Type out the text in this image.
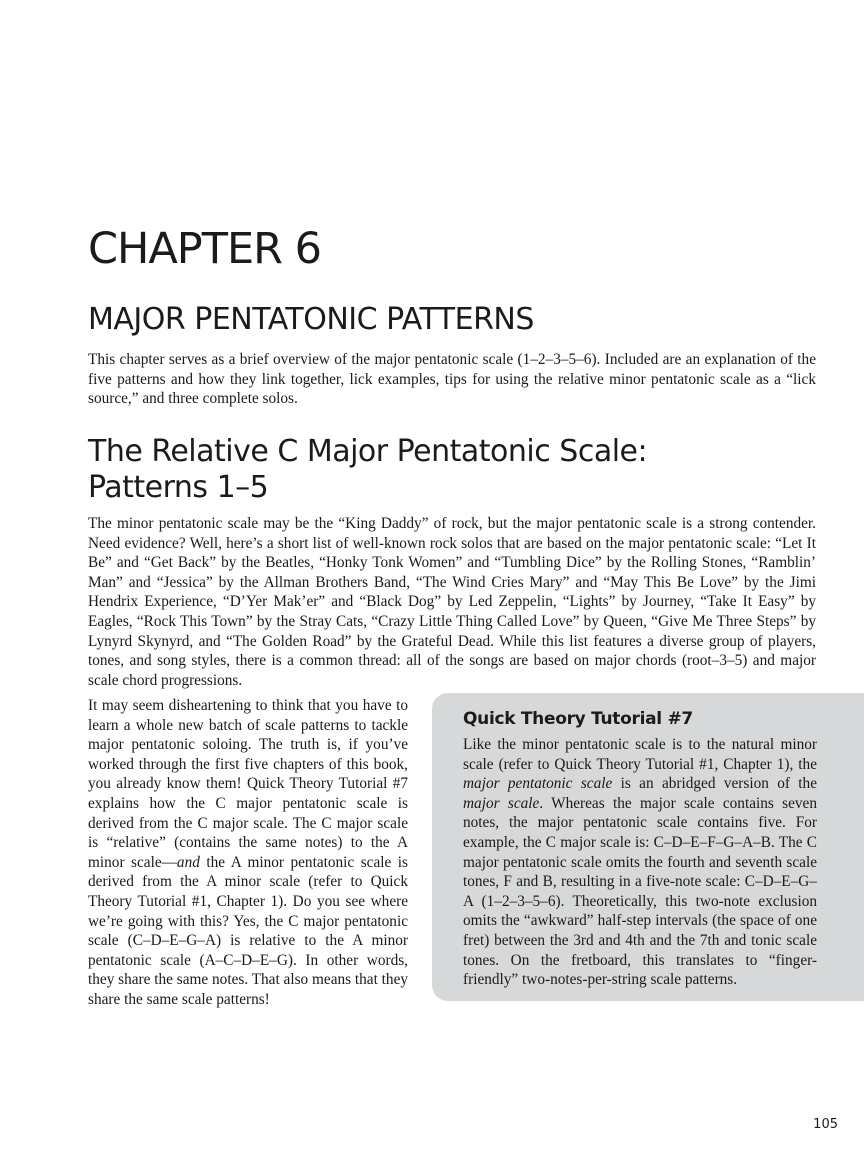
CHAPTER 6
MAJOR PENTATONIC PATTERNS

This chapter serves as a brief overview of the major pentatonic scale (1–2–3–5–6). Included are an explanation of the five patterns and how they link together, lick examples, tips for using the relative minor pentatonic scale as a “lick source,” and three complete solos.

The Relative C Major Pentatonic Scale:
Patterns 1–5

The minor pentatonic scale may be the “King Daddy” of rock, but the major pentatonic scale is a strong contender. Need evidence? Well, here’s a short list of well-known rock solos that are based on the major pentatonic scale: “Let It Be” and “Get Back” by the Beatles, “Honky Tonk Women” and “Tumbling Dice” by the Rolling Stones, “Ramblin’ Man” and “Jessica” by the Allman Brothers Band, “The Wind Cries Mary” and “May This Be Love” by the Jimi Hendrix Experience, “D’Yer Mak’er” and “Black Dog” by Led Zeppelin, “Lights” by Journey, “Take It Easy” by Eagles, “Rock This Town” by the Stray Cats, “Crazy Little Thing Called Love” by Queen, “Give Me Three Steps” by Lynyrd Skynyrd, and “The Golden Road” by the Grateful Dead. While this list features a diverse group of players, tones, and song styles, there is a common thread: all of the songs are based on major chords (root–3–5) and major scale chord progressions.

It may seem disheartening to think that you have to learn a whole new batch of scale patterns to tackle major pentatonic soloing. The truth is, if you’ve worked through the first five chapters of this book, you already know them! Quick Theory Tutorial #7 explains how the C major pentatonic scale is derived from the C major scale. The C major scale is “relative” (contains the same notes) to the A minor scale—and the A minor pentatonic scale is derived from the A minor scale (refer to Quick Theory Tutorial #1, Chapter 1). Do you see where we’re going with this? Yes, the C major pentatonic scale (C–D–E–G–A) is relative to the A minor pentatonic scale (A–C–D–E–G). In other words, they share the same notes. That also means that they share the same scale patterns!

Quick Theory Tutorial #7

Like the minor pentatonic scale is to the natural minor scale (refer to Quick Theory Tutorial #1, Chapter 1), the major pentatonic scale is an abridged version of the major scale. Whereas the major scale contains seven notes, the major pentatonic scale contains five. For example, the C major scale is: C–D–E–F–G–A–B. The C major pentatonic scale omits the fourth and seventh scale tones, F and B, resulting in a five-note scale: C–D–E–G–A (1–2–3–5–6). Theoretically, this two-note exclusion omits the “awkward” half-step intervals (the space of one fret) between the 3rd and 4th and the 7th and tonic scale tones. On the fretboard, this translates to “finger-friendly” two-notes-per-string scale patterns.

105
